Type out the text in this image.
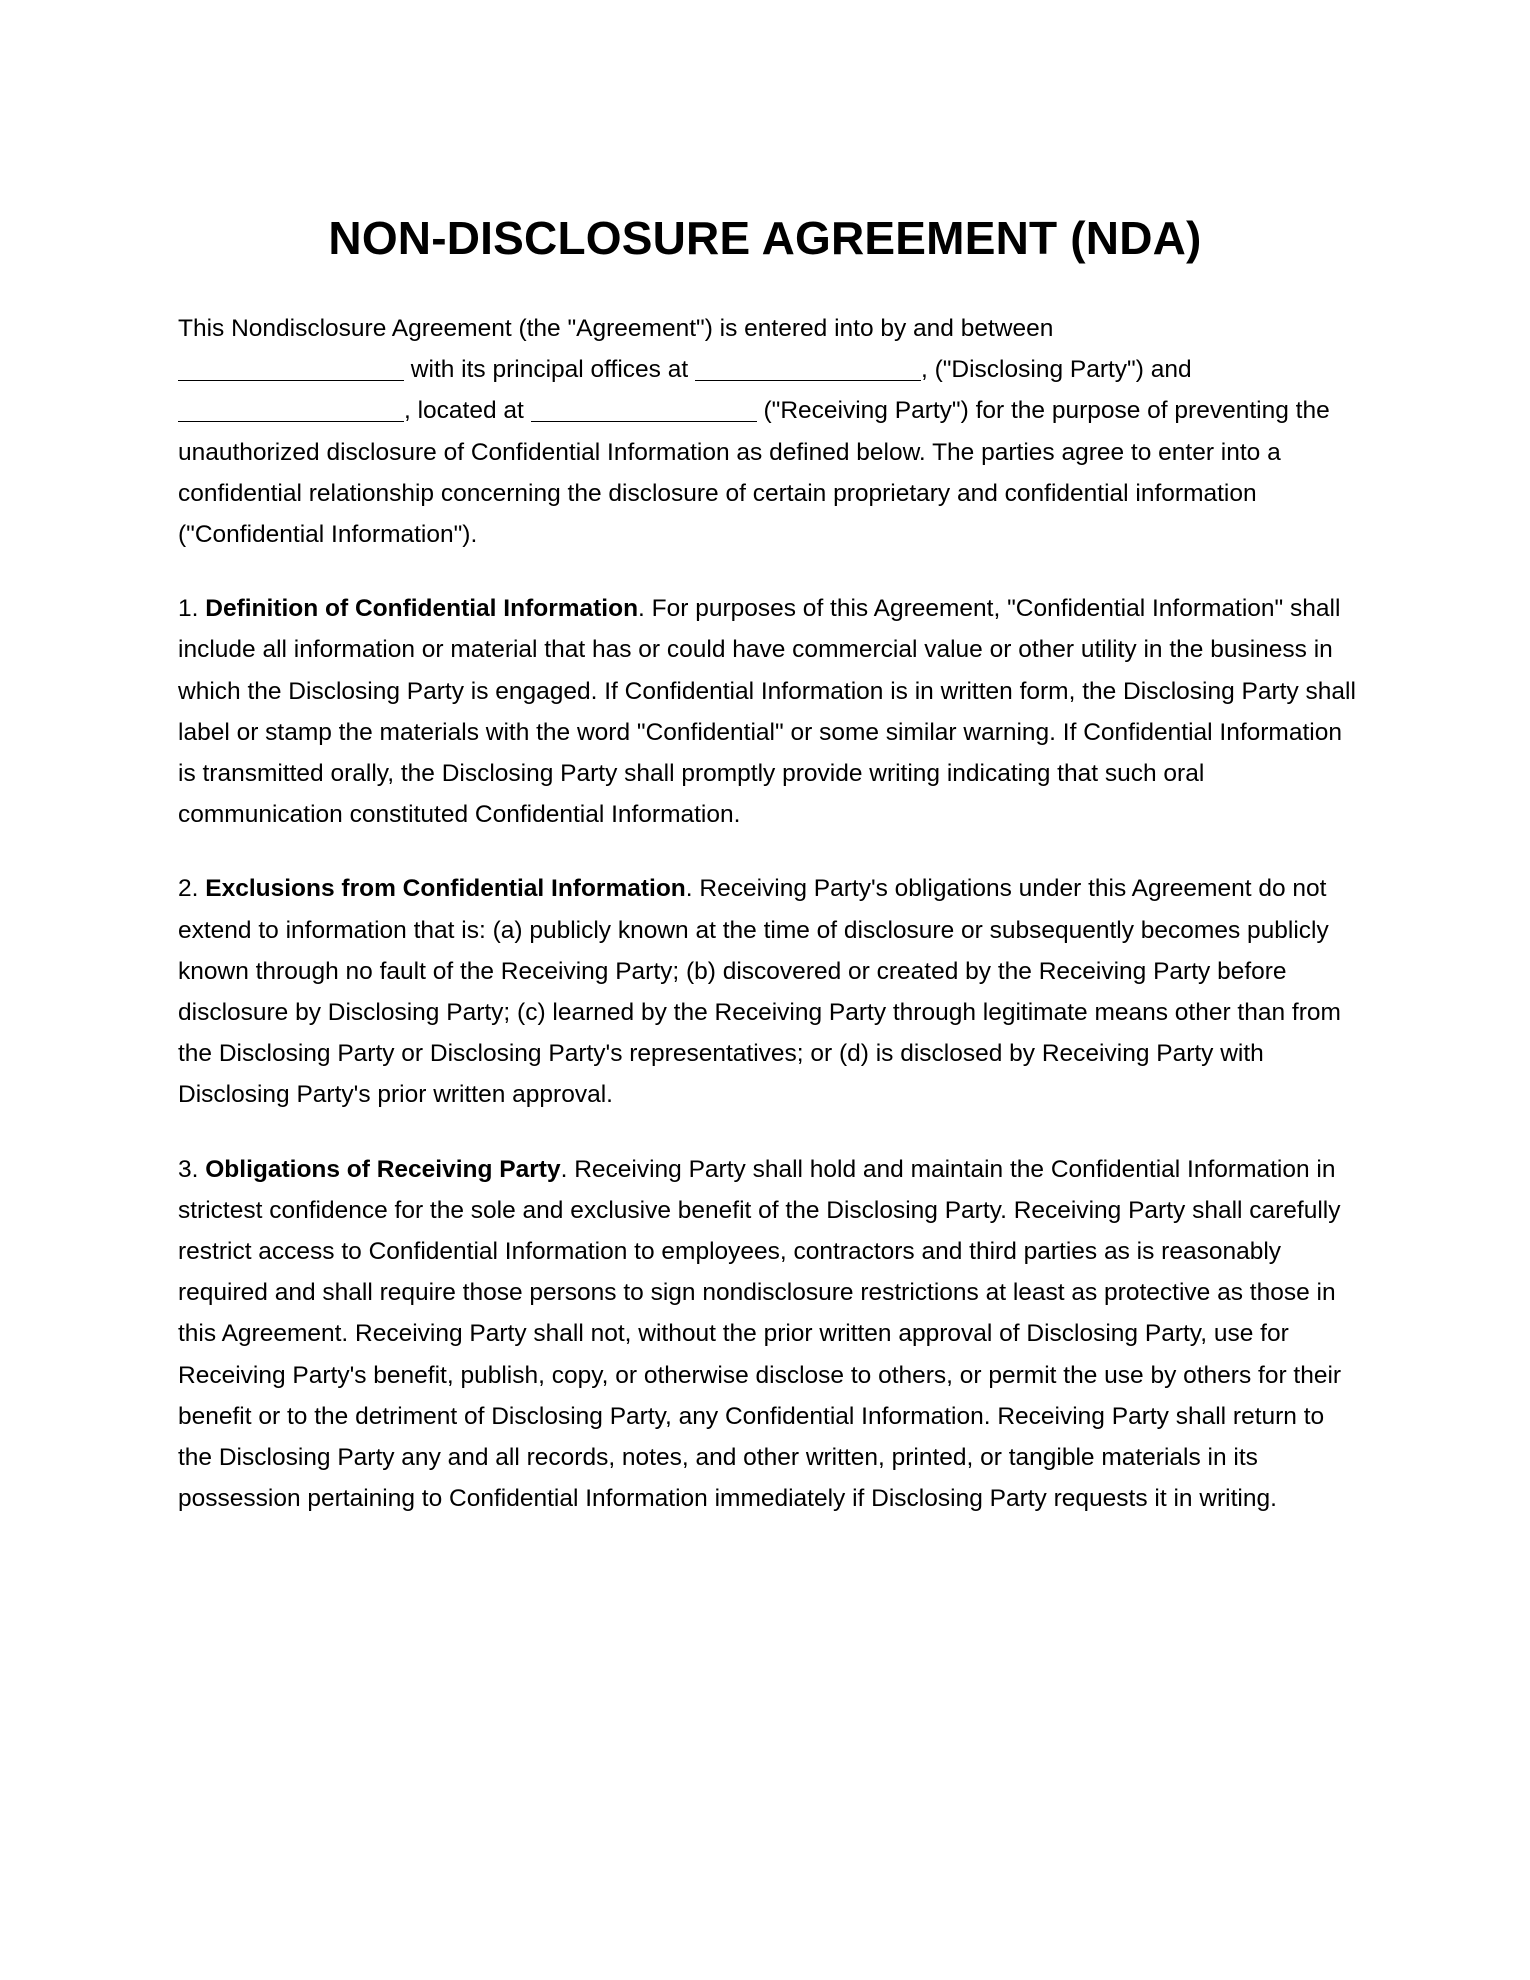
NON-DISCLOSURE AGREEMENT (NDA)

This Nondisclosure Agreement (the "Agreement") is entered into by and between
with its principal offices at	, ("Disclosing Party") and
, located at	("Receiving Party") for the purpose of preventing the unauthorized disclosure of Confidential Information as defined below. The parties agree to enter into a confidential relationship concerning the disclosure of certain proprietary and confidential information ("Confidential Information").

1. Definition of Confidential Information. For purposes of this Agreement, "Confidential Information" shall include all information or material that has or could have commercial value or other utility in the business in which the Disclosing Party is engaged. If Confidential Information is in written form, the Disclosing Party shall label or stamp the materials with the word "Confidential" or some similar warning. If Confidential Information is transmitted orally, the Disclosing Party shall promptly provide writing indicating that such oral communication constituted Confidential Information.

2. Exclusions from Confidential Information. Receiving Party's obligations under this Agreement do not extend to information that is: (a) publicly known at the time of disclosure or subsequently becomes publicly known through no fault of the Receiving Party; (b) discovered or created by the Receiving Party before disclosure by Disclosing Party; (c) learned by the Receiving Party through legitimate means other than from the Disclosing Party or Disclosing Party's representatives; or (d) is disclosed by Receiving Party with Disclosing Party's prior written approval.

3. Obligations of Receiving Party. Receiving Party shall hold and maintain the Confidential Information in strictest confidence for the sole and exclusive benefit of the Disclosing Party. Receiving Party shall carefully restrict access to Confidential Information to employees, contractors and third parties as is reasonably required and shall require those persons to sign nondisclosure restrictions at least as protective as those in this Agreement. Receiving Party shall not, without the prior written approval of Disclosing Party, use for Receiving Party's benefit, publish, copy, or otherwise disclose to others, or permit the use by others for their benefit or to the detriment of Disclosing Party, any Confidential Information. Receiving Party shall return to the Disclosing Party any and all records, notes, and other written, printed, or tangible materials in its possession pertaining to Confidential Information immediately if Disclosing Party requests it in writing.
